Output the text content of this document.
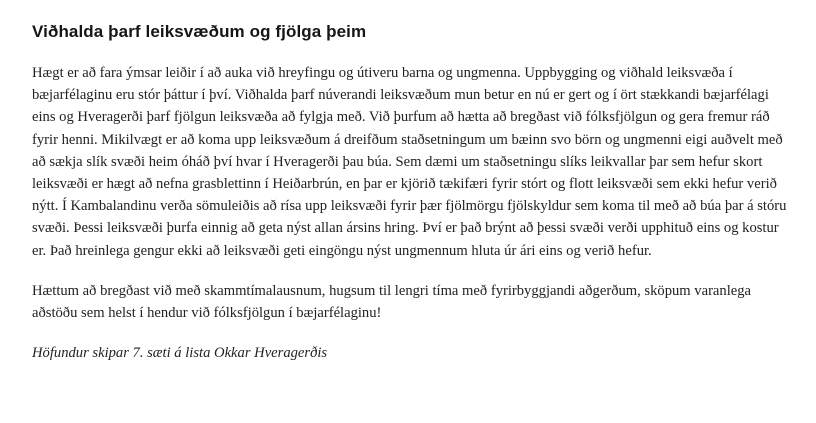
Viðhalda þarf leiksvæðum og fjölga þeim

Hægt er að fara ýmsar leiðir í að auka við hreyfingu og útiveru barna og ungmenna. Uppbygging og viðhald leiksvæða í bæjarfélaginu eru stór þáttur í því. Viðhalda þarf núverandi leiksvæðum mun betur en nú er gert og í ört stækkandi bæjarfélagi eins og Hveragerði þarf fjölgun leiksvæða að fylgja með. Við þurfum að hætta að bregðast við fólksfjölgun og gera fremur ráð fyrir henni. Mikilvægt er að koma upp leiksvæðum á dreifðum staðsetningum um bæinn svo börn og ungmenni eigi auðvelt með að sækja slík svæði heim óháð því hvar í Hveragerði þau búa. Sem dæmi um staðsetningu slíks leikvallar þar sem hefur skort leiksvæði er hægt að nefna grasblettinn í Heiðarbrún, en þar er kjörið tækifæri fyrir stórt og flott leiksvæði sem ekki hefur verið nýtt. Í Kambalandinu verða sömuleiðis að rísa upp leiksvæði fyrir þær fjölmörgu fjölskyldur sem koma til með að búa þar á stóru svæði. Þessi leiksvæði þurfa einnig að geta nýst allan ársins hring. Því er það brýnt að þessi svæði verði upphituð eins og kostur er. Það hreinlega gengur ekki að leiksvæði geti eingöngu nýst ungmennum hluta úr ári eins og verið hefur.

Hættum að bregðast við með skammtímalausnum, hugsum til lengri tíma með fyrirbyggjandi aðgerðum, sköpum varanlega aðstöðu sem helst í hendur við fólksfjölgun í bæjarfélaginu!

Höfundur skipar 7. sæti á lista Okkar Hveragerðis
